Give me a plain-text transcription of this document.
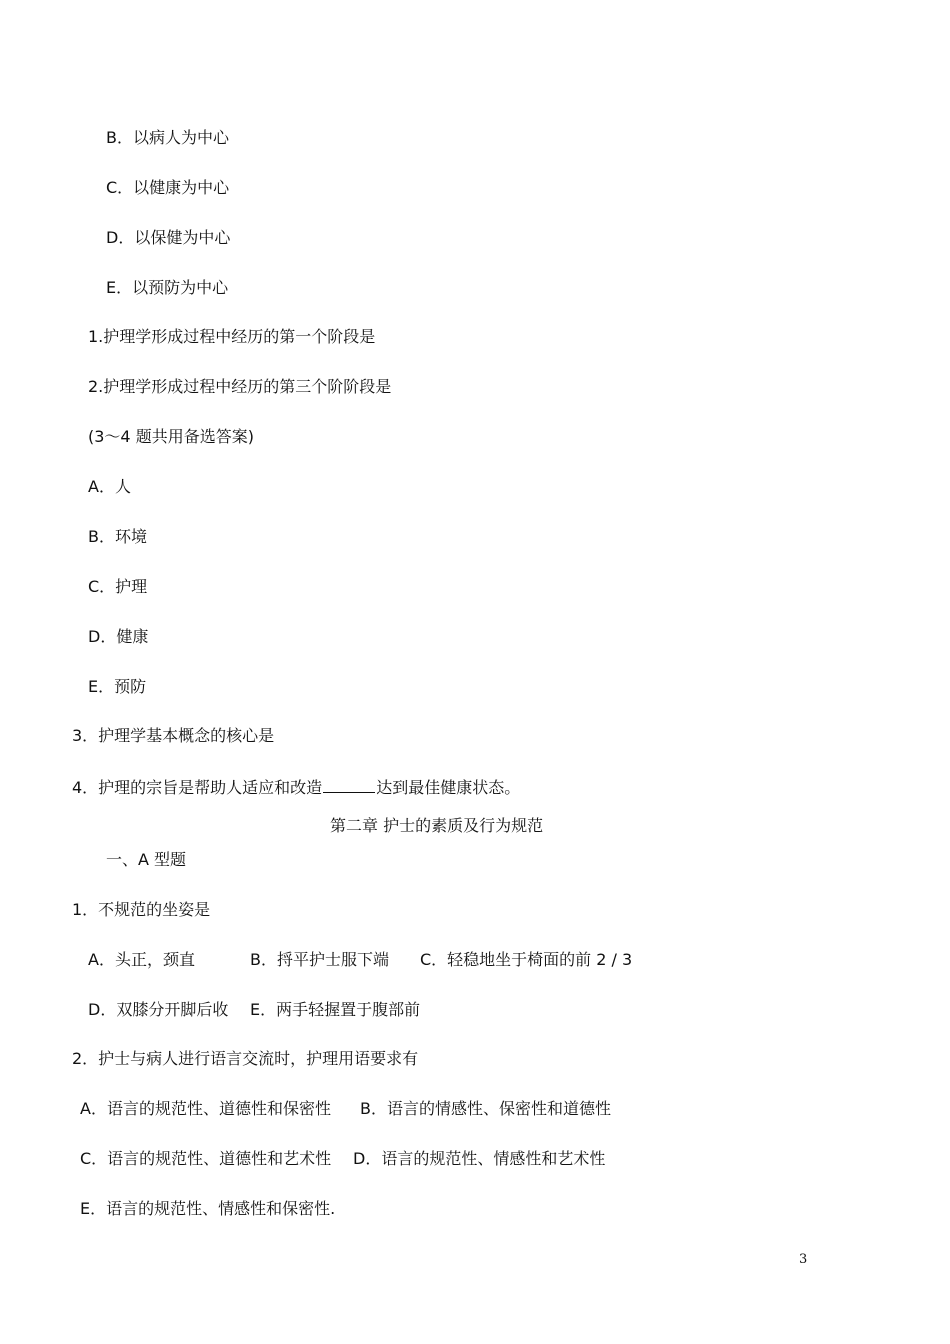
B．以病人为中心
C．以健康为中心
D．以保健为中心
E．以预防为中心
1.护理学形成过程中经历的第一个阶段是
2.护理学形成过程中经历的第三个阶阶段是
(3～4 题共用备选答案)
A．人
B．环境
C．护理
D．健康
E．预防
3．护理学基本概念的核心是
4．护理的宗旨是帮助人适应和改造	达到最佳健康状态。
第二章 护士的素质及行为规范
一、A 型题
1．不规范的坐姿是
A．头正，颈直	B．捋平护士服下端 C．轻稳地坐于椅面的前 2 / 3
D．双膝分开脚后收 E．两手轻握置于腹部前
2．护士与病人进行语言交流时，护理用语要求有
A．语言的规范性、道德性和保密性 B．语言的情感性、保密性和道德性
C．语言的规范性、道德性和艺术性 D．语言的规范性、情感性和艺术性
E．语言的规范性、情感性和保密性.
3
